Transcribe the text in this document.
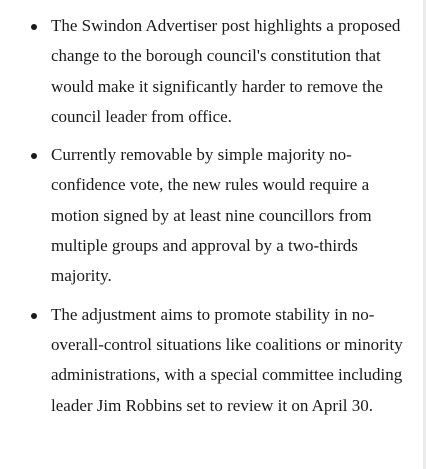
The Swindon Advertiser post highlights a proposed change to the borough council's constitution that would make it significantly harder to remove the council leader from office.
Currently removable by simple majority no-confidence vote, the new rules would require a motion signed by at least nine councillors from multiple groups and approval by a two-thirds majority.
The adjustment aims to promote stability in no-overall-control situations like coalitions or minority administrations, with a special committee including leader Jim Robbins set to review it on April 30.
